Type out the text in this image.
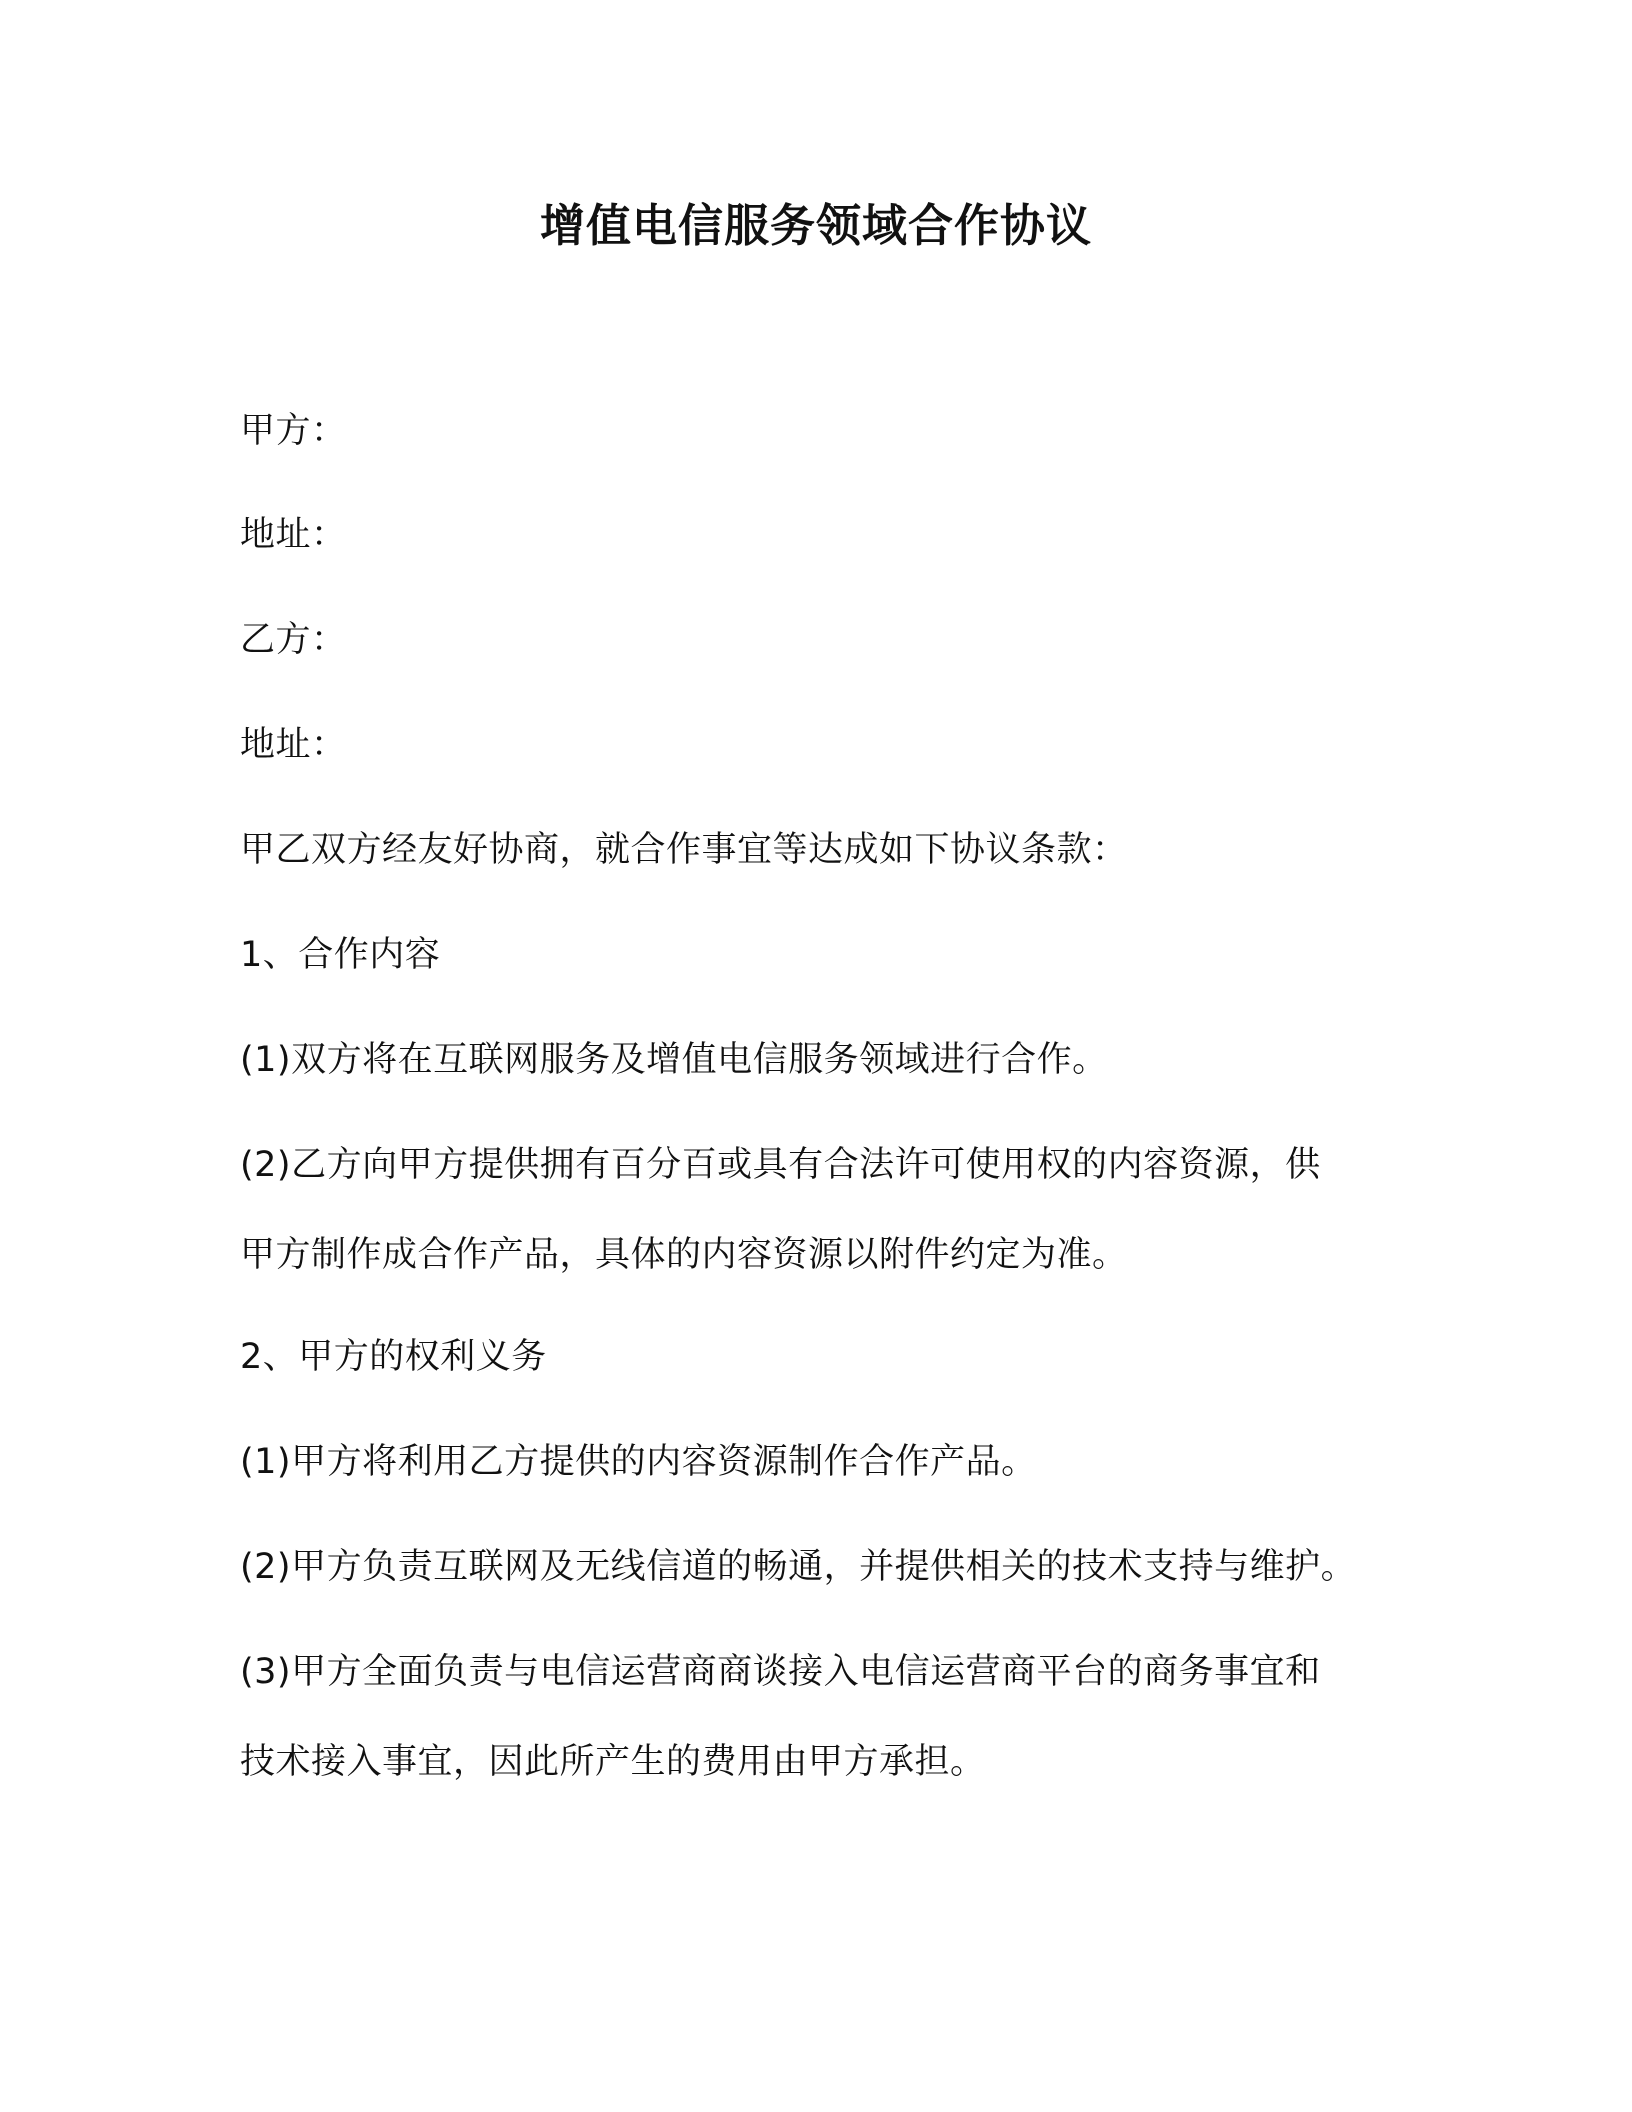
增值电信服务领域合作协议

甲方：

地址：

乙方：

地址：

甲乙双方经友好协商，就合作事宜等达成如下协议条款：

1、合作内容

(1)双方将在互联网服务及增值电信服务领域进行合作。

(2)乙方向甲方提供拥有百分百或具有合法许可使用权的内容资源，供

甲方制作成合作产品，具体的内容资源以附件约定为准。

2、甲方的权利义务

(1)甲方将利用乙方提供的内容资源制作合作产品。

(2)甲方负责互联网及无线信道的畅通，并提供相关的技术支持与维护。

(3)甲方全面负责与电信运营商商谈接入电信运营商平台的商务事宜和

技术接入事宜，因此所产生的费用由甲方承担。
